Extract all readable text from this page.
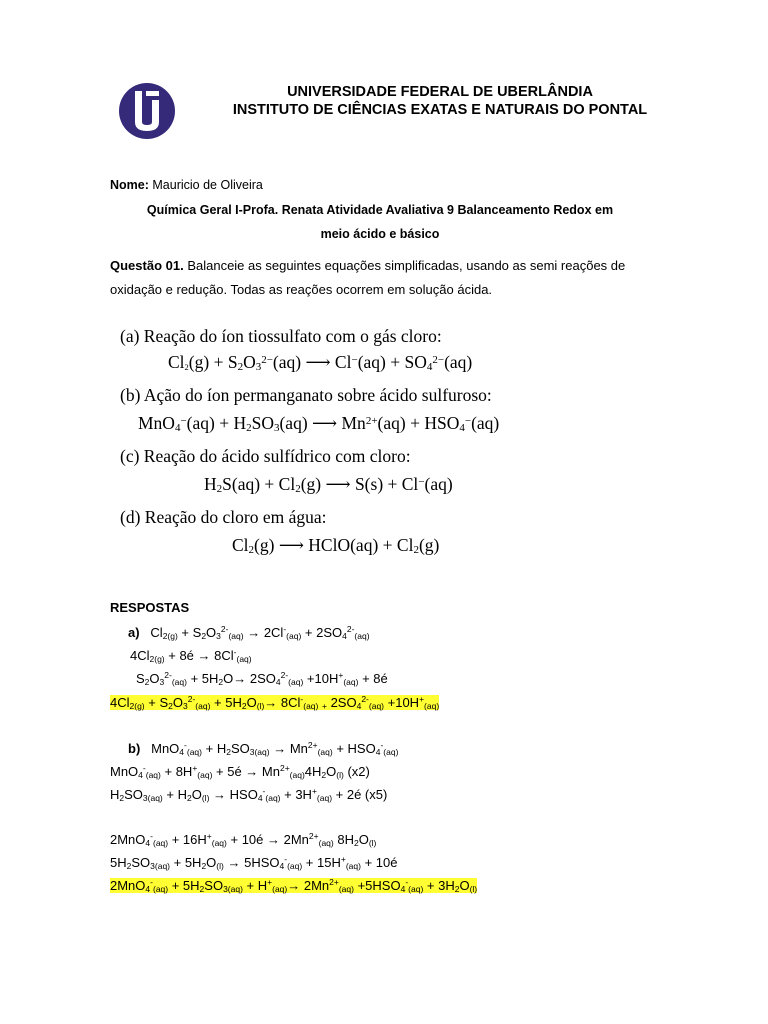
UNIVERSIDADE FEDERAL DE UBERLÂNDIA
INSTITUTO DE CIÊNCIAS EXATAS E NATURAIS DO PONTAL
Nome: Mauricio de Oliveira
Química Geral I-Profa. Renata Atividade Avaliativa 9 Balanceamento Redox em
meio ácido e básico
Questão 01. Balanceie as seguintes equações simplificadas, usando as semi reações de oxidação e redução. Todas as reações ocorrem em solução ácida.
(a) Reação do íon tiossulfato com o gás cloro:
$Cl_2(g) + S_2O_3^{2-}(aq)$ ⟶ $Cl^-(aq) + SO_4^{2-}(aq)$
(b) Ação do íon permanganato sobre ácido sulfuroso:
$MnO_4^-(aq) + H_2SO_3(aq)$ ⟶ $Mn^{2+}(aq) + HSO_4^-(aq)$
(c) Reação do ácido sulfídrico com cloro:
$H_2S(aq) + Cl_2(g)$ ⟶ S(s) + Cl−(aq)
(d) Reação do cloro em água:
$Cl_2(g)$ ⟶ HClO(aq) + $Cl_2(g)$
RESPOSTAS
a)   $Cl_{2(g)} + S_2O_3^{2-}_{(aq)} \to 2Cl^-_{(aq)} + 2SO_4^{2-}_{(aq)}$
$4Cl_{2(g)}$ + 8é → $8Cl^-_{(aq)}$
$S_2O_3^{2-}_{(aq)} + 5H_2O\to 2SO_4^{2-}_{(aq)} +10H^+_{(aq)}$ + 8é
$4Cl_{2(g)} + S_2O_3^{2-}_{(aq)} + 5H_2O_{(l)}\to 8Cl^-_{(aq)}$ $_+$ $2SO_4^{2-}_{(aq)} +10H^+_{(aq)}$
b)   $MnO_4^-_{(aq)} + H_2SO_{3(aq)} \to Mn^{2+}_{(aq)} + HSO_4^-_{(aq)}$
$MnO_4^-_{(aq)} + 8H^+_{(aq)}$ + 5é → $Mn^{2+}_{(aq)}4H_2O_{(l)}$ (x2)
$H_2SO_{3(aq)} + H_2O_{(l)} \to HSO_4^-_{(aq)} + 3H^+_{(aq)}$ + 2é (x5)
$2MnO_4^-_{(aq)} + 16H^+_{(aq)}$ + 10é → $2Mn^{2+}_{(aq)}$ $8H_2O_{(l)}$
$5H_2SO_{3(aq)} + 5H_2O_{(l)} \to 5HSO_4^-_{(aq)} + 15H^+_{(aq)}$ + 10é
$2MnO_4^-_{(aq)} + 5H_2SO_{3(aq)} + H^+_{(aq)}\to 2Mn^{2+}_{(aq)} +5HSO_4^-_{(aq)} + 3H_2O_{(l)}$
